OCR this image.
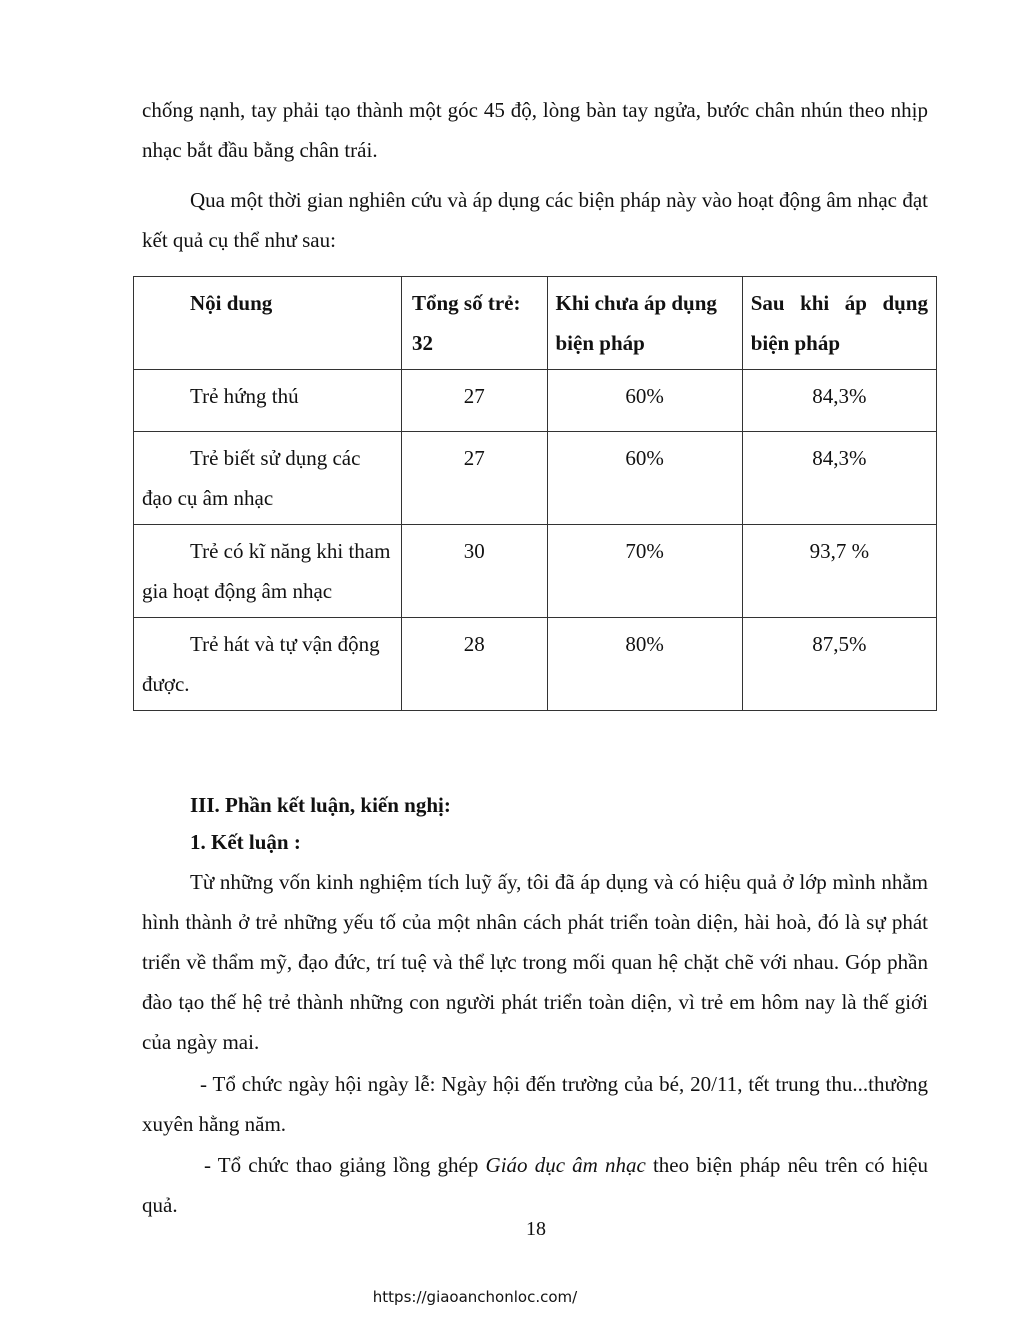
chống nạnh, tay phải tạo thành một góc 45 độ, lòng bàn tay ngửa, bước chân nhún theo nhịp nhạc bắt đầu bằng chân trái.

Qua một thời gian nghiên cứu và áp dụng các biện pháp này vào hoạt động âm nhạc đạt kết quả cụ thể như sau:

Nội dung	Tổng số trẻ: 32	Khi chưa áp dụng biện pháp	Sau khi áp dụng biện pháp
Trẻ hứng thú	27	60%	84,3%
Trẻ biết sử dụng các đạo cụ âm nhạc	27	60%	84,3%
Trẻ có kĩ năng khi tham gia hoạt động âm nhạc	30	70%	93,7 %
Trẻ hát và tự vận động được.	28	80%	87,5%

III. Phần kết luận, kiến nghị:

1. Kết luận :

Từ những vốn kinh nghiệm tích luỹ ấy, tôi đã áp dụng và có hiệu quả ở lớp mình nhằm hình thành ở trẻ những yếu tố của một nhân cách phát triển toàn diện, hài hoà, đó là sự phát triển về thẩm mỹ, đạo đức, trí tuệ và thể lực trong mối quan hệ chặt chẽ với nhau. Góp phần đào tạo thế hệ trẻ thành những con người phát triển toàn diện, vì trẻ em hôm nay là thế giới của ngày mai.

- Tổ chức ngày hội ngày lễ: Ngày hội đến trường của bé, 20/11, tết trung thu...thường xuyên hằng năm.

- Tổ chức thao giảng lồng ghép Giáo dục âm nhạc theo biện pháp nêu trên có hiệu quả.

18
https://giaoanchonloc.com/
